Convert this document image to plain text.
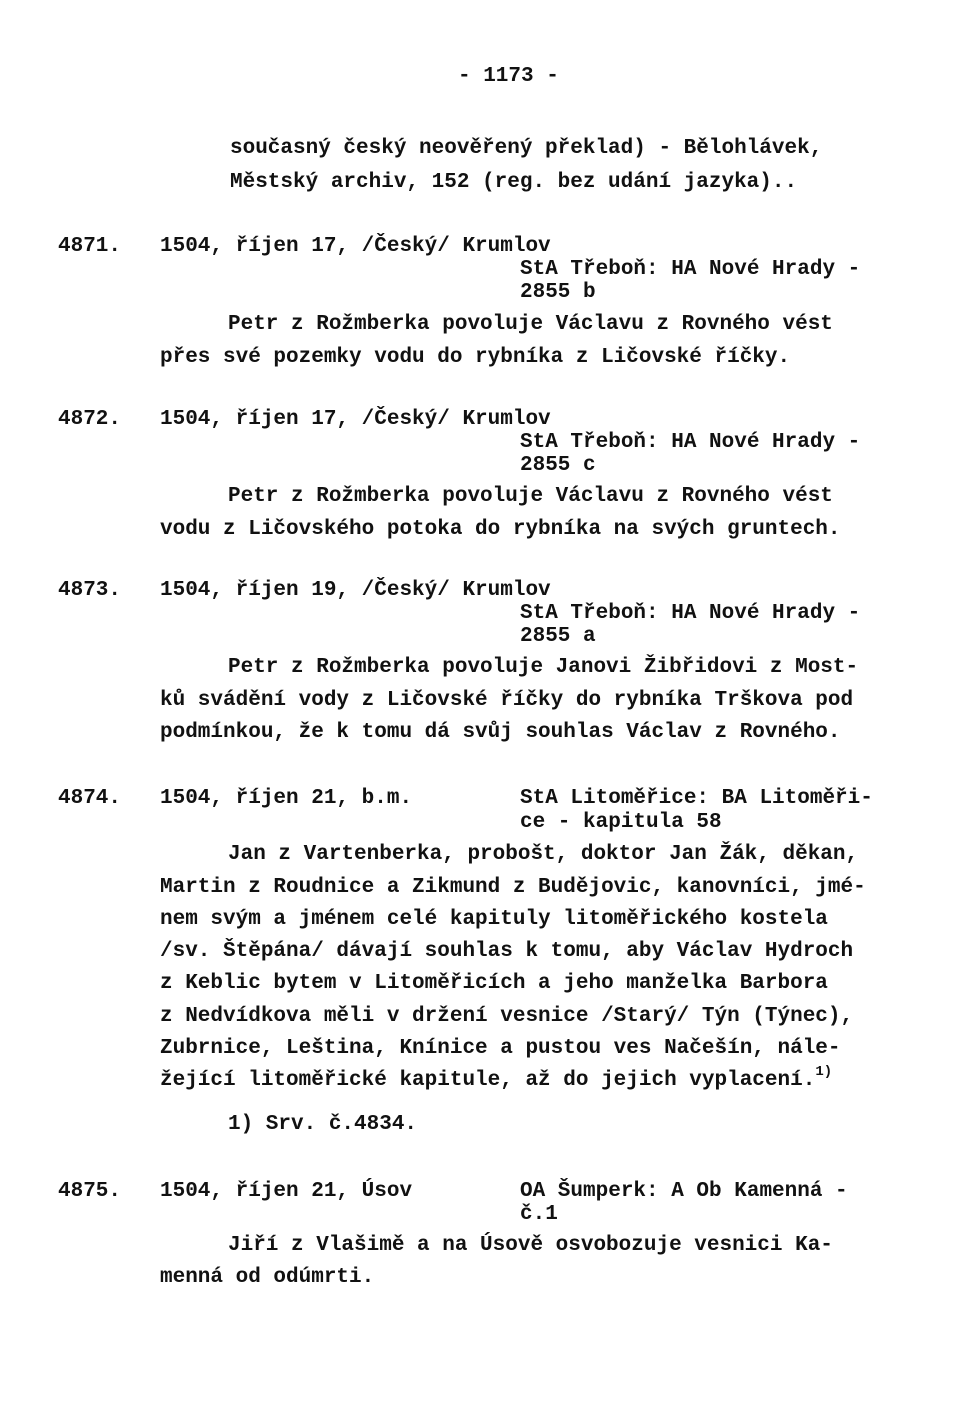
- 1173 -
současný český neověřený překlad) - Bělohlávek,
Městský archiv, 152 (reg. bez udání jazyka)..
4871. 1504, říjen 17, /Český/ Krumlov
StA Třeboň: HA Nové Hrady -
2855 b
Petr z Rožmberka povoluje Václavu z Rovného vést
přes své pozemky vodu do rybníka z Ličovské říčky.
4872. 1504, říjen 17, /Český/ Krumlov
StA Třeboň: HA Nové Hrady -
2855 c
Petr z Rožmberka povoluje Václavu z Rovného vést
vodu z Ličovského potoka do rybníka na svých gruntech.
4873. 1504, říjen 19, /Český/ Krumlov
StA Třeboň: HA Nové Hrady -
2855 a
Petr z Rožmberka povoluje Janovi Žibřidovi z Most-
ků svádění vody z Ličovské říčky do rybníka Trškova pod
podmínkou, že k tomu dá svůj souhlas Václav z Rovného.
4874. 1504, říjen 21, b.m.	StA Litoměřice: BA Litoměři-
ce - kapitula 58
Jan z Vartenberka, probošt, doktor Jan Žák, děkan,
Martin z Roudnice a Zikmund z Budějovic, kanovníci, jmé-
nem svým a jménem celé kapituly litoměřického kostela
/sv. Štěpána/ dávají souhlas k tomu, aby Václav Hydroch
z Keblic bytem v Litoměřicích a jeho manželka Barbora
z Nedvídkova měli v držení vesnice /Starý/ Týn (Týnec),
Zubrnice, Leština, Knínice a pustou ves Načešín, nále-
žející litoměřické kapitule, až do jejich vyplacení.$^{1)}$
1) Srv. č.4834.
4875. 1504, říjen 21, Úsov	OA Šumperk: A Ob Kamenná -
č.1
Jiří z Vlašimě a na Úsově osvobozuje vesnici Ka-
menná od odúmrti.
